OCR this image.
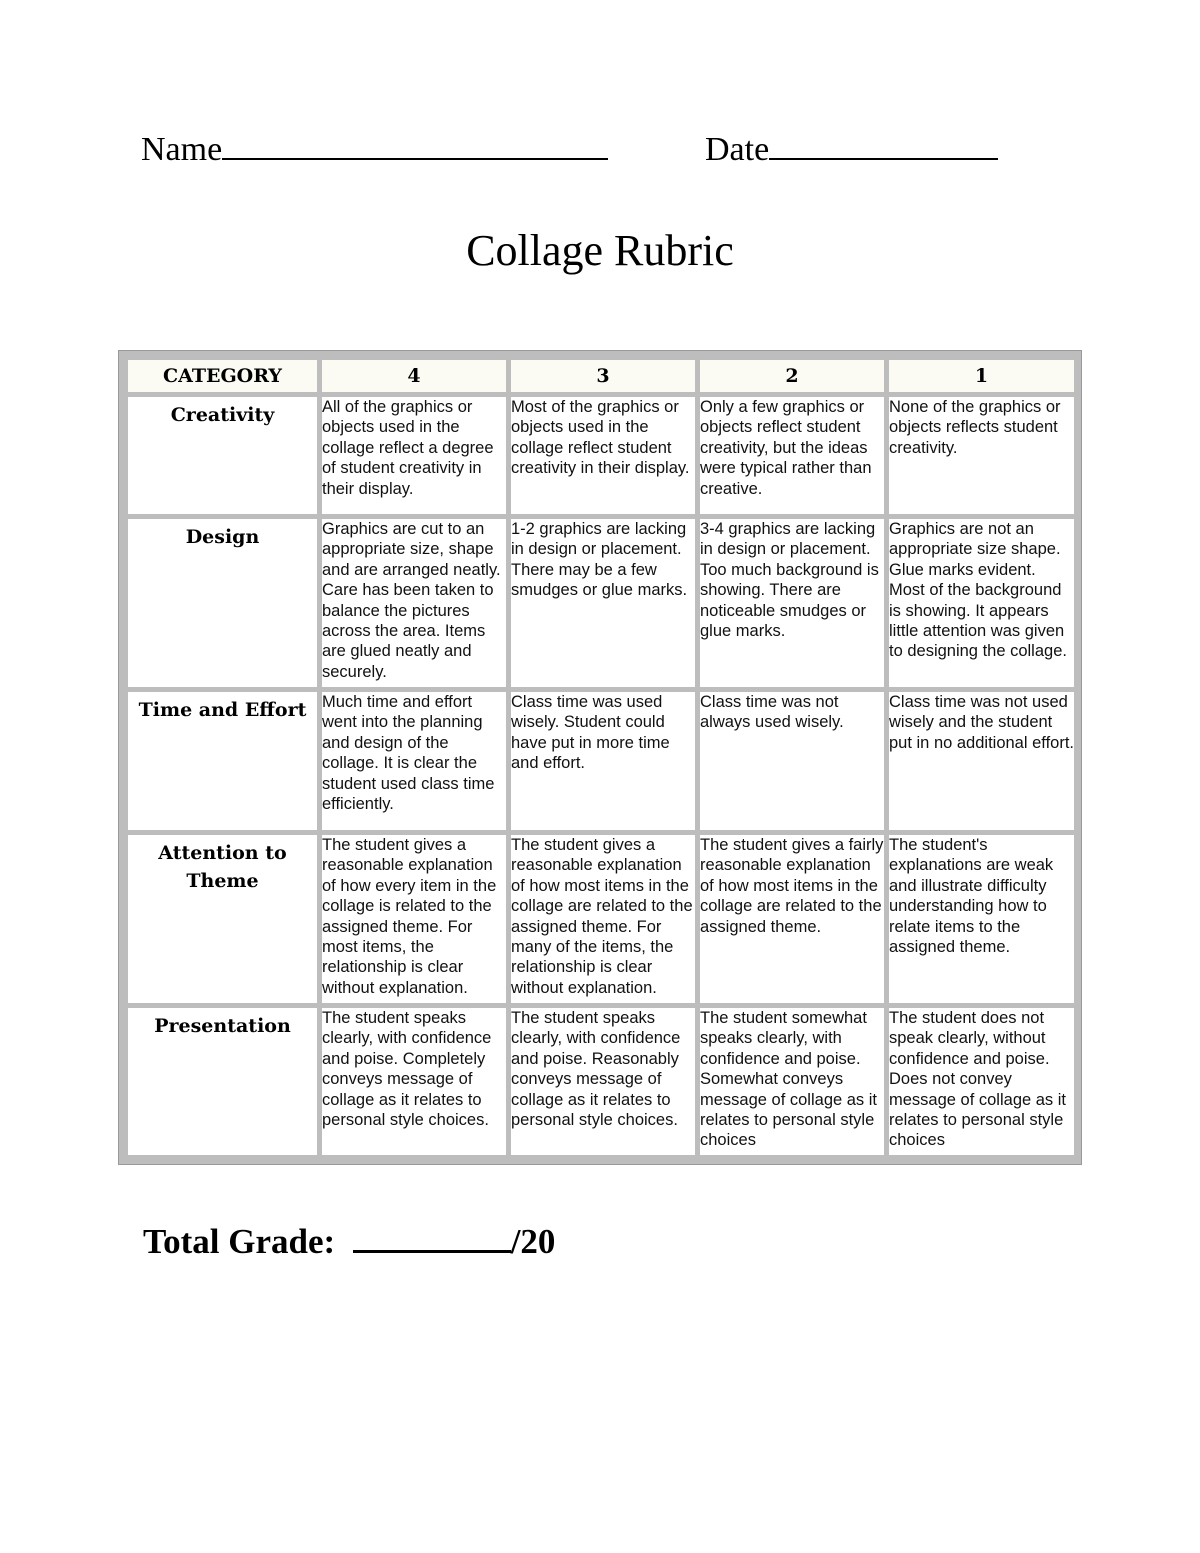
Name	Date
Collage Rubric
CATEGORY	4	3	2	1
Creativity	All of the graphics or objects used in the collage reflect a degree of student creativity in their display.	Most of the graphics or objects used in the collage reflect student creativity in their display.	Only a few graphics or objects reflect student creativity, but the ideas were typical rather than creative.	None of the graphics or objects reflects student creativity.
Design	Graphics are cut to an appropriate size, shape and are arranged neatly. Care has been taken to balance the pictures across the area. Items are glued neatly and securely.	1-2 graphics are lacking in design or placement. There may be a few smudges or glue marks.	3-4 graphics are lacking in design or placement. Too much background is showing. There are noticeable smudges or glue marks.	Graphics are not an appropriate size shape. Glue marks evident. Most of the background is showing. It appears little attention was given to designing the collage.
Time and Effort	Much time and effort went into the planning and design of the collage. It is clear the student used class time efficiently.	Class time was used wisely. Student could have put in more time and effort.	Class time was not always used wisely.	Class time was not used wisely and the student put in no additional effort.
Attention to Theme	The student gives a reasonable explanation of how every item in the collage is related to the assigned theme. For most items, the relationship is clear without explanation.	The student gives a reasonable explanation of how most items in the collage are related to the assigned theme. For many of the items, the relationship is clear without explanation.	The student gives a fairly reasonable explanation of how most items in the collage are related to the assigned theme.	The student's explanations are weak and illustrate difficulty understanding how to relate items to the assigned theme.
Presentation	The student speaks clearly, with confidence and poise. Completely conveys message of collage as it relates to personal style choices.	The student speaks clearly, with confidence and poise. Reasonably conveys message of collage as it relates to personal style choices.	The student somewhat speaks clearly, with confidence and poise. Somewhat conveys message of collage as it relates to personal style choices	The student does not speak clearly, without confidence and poise. Does not convey message of collage as it relates to personal style choices
Total Grade:	/20
